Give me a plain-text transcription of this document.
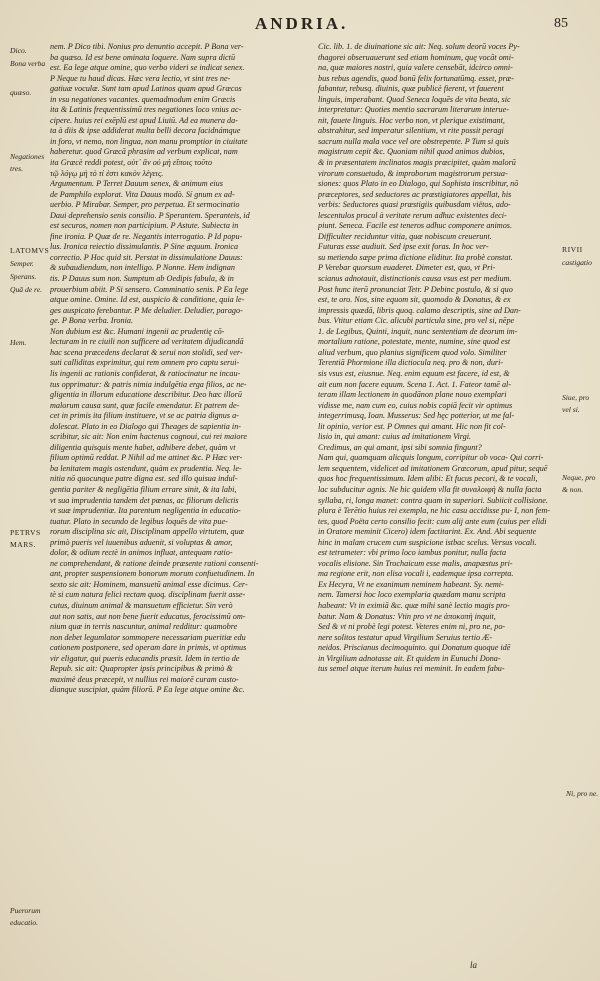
ANDRIA.	85
nem. P Dico tibi. Nonius pro denuntio accepit. P Bona ver-
ba quæso. Id est bene ominata loquere. Nam supra dictū
est. Ea lege atque omine, quo verbo videri se indicat senex.
P Neque tu haud dicas. Hæc vera lectio, vt sint tres ne-
gatiuæ voculæ. Sunt tam apud Latinos quam apud Græcos
in vsu negationes vacantes. quemadmodum enim Græcis
ita & Latinis frequentissimū tres negationes loco vnius ac-
cipere. huius rei exēplū est apud Liuiū. Ad ea munera da-
ta à diis & ipse addiderat multa belli decora facidnámque
in foro, vt nemo, non lingua, non manu promptior in ciuitate
haberetur. quod Græcā phrasim ad verbum explicat, nam
ita Græcè reddi potest, οὐτ᾽ ἂν οὐ μὴ εἴποις τοῦτο
τῷ λόγῳ μὴ τὸ τί ἐστι κακὸν λέγεις.
Argumentum. P Terret Dauum senex, & animum eius
de Pamphilo explorat. Vita Dauus modò. Sí gnum ex ad-
uerbio. P Mirabar. Semper, pro perpetua. Et sermocinatio
Daui deprehensio senis consilio. P Sperantem. Speranteis, id
est securos, nomen non participium. P Astute. Subiecta in
fine ironia. P Quæ de re. Negantis interrogatio. P Id popu-
lus. Ironica reiectio dissimulantis. P Sine æquum. Ironica
correctio. P Hoc quid sit. Perstat in dissimulatione Dauus:
& subaudiendum, non intelligo. P Nonne. Hem indignan
tis. P Dauus sum non. Sumptum ab Oedipis fabula, & in
prouerbium abiit. P Si sensero. Comminatio senis. P Ea lege
atque omine. Omine. Id est, auspicio & conditione, quia le-
ges auspicato ferebantur. P Me deludier. Deludier, parago-
ge. P Bona verba. Ironia.
Non dubium est &c. Humani ingenii ac prudentię cō-
lecturam in re ciuili non sufficere ad veritatem dijudicandā
hac scena præcedens declarat & serui non stolidi, sed ver-
suti calliditas exprimitur, qui rem omnem pro captu serui-
lis ingenii ac rationis confiderat, & ratiocinatur ne incau-
tus opprimatur: & patris nimia indulgētia erga filios, ac ne-
gligentia in illorum educatione describitur. Deo hæc illorū
malorum causa sunt, quæ facile emendatur. Et patrem de-
cet in primis ita filium instituere, vt se ac patria dignus a-
dolescat. Plato in eo Dialogo qui Theages de sapientia in-
scribitur, sic ait: Non enim hactenus cognoui, cui rei maiore
diligentia quisquis mente habet, adhibere debet, quàm vt
filium optimū reddat. P Nihil ad me attinet &c. P Hæc ver-
ba lenitatem magis ostendunt, quàm ex prudentia. Neq. le-
nitia nō quocunque patre digna est. sed illo quisua indul-
gentia pariter & negligētia filium errare sinit, & ita labi,
vt sua imprudentia tandem det pœnas, ac filiorum delictis
vt suæ imprudentiæ. Ita parentum negligentia in educatio-
tuatur. Plato in secundo de legibus loquēs de vita pue-
rorum disciplina sic ait, Disciplinam appello virtutem, quæ
primò pueris vel iuuenibus aduenit, si voluptas & amor,
dolor, & odium rectè in animos influat, antequam ratio-
ne comprehendant, & ratione deinde præsente rationi consenti-
ant, propter suspensionem bonorum morum confuetudinem. In
sexto sic ait: Hominem, mansuetū animal esse dicimus. Cer-
tè si cum natura felici rectam quoq. disciplinam fuerit asse-
cutus, diuinum animal & mansuetum efficietur. Sin verò
aut non satis, aut non bene fuerit educatus, ferocissimū om-
nium quæ in terris nascuntur, animal redditur: quamobre
non debet legumlator sommopere necessariam pueritiæ edu
cationem postponere, sed operam dare in primis, vt optimus
vir eligatur, qui pueris educandis præsit. Idem in tertio de
Repub. sic ait: Quapropter ipsis principibus & primò &
maximè deus præcepit, vt nullius rei maiorē curam custo-
dianque suscipiat, quàm filiorū. P Ea lege atque omine &c.
Cic. lib. 1. de diuinatione sic ait: Neq. solum deorū voces Py-
thagorei obseruauerunt sed etiam hominum, quę vocāt omi-
na, quæ maiores nostri, quia valere censebāt, idcirco omni-
bus rebus agendis, quod bonū felix fortunatūmq. esset, præ-
fabantur, rebusq. diuinis, quæ publicè fierent, vt fauerent
linguis, imperabant. Quod Seneca loquēs de vita beata, sic
interpretatur: Quoties mentio sacrarum literarum interue-
nit, fauete linguis. Hoc verbo non, vt plerique existimant,
abstrahitur, sed imperatur silentium, vt rite possit peragi
sacrum nulla mala voce vel ore obstrepente. P Tum si quis
magistrum cepit &c. Quoniam nihil quod animos dubios,
& in præsentatem inclinatos magis præcipitet, quàm malorū
virorum consuetudo, & improborum magistrorum persua-
siones: quos Plato in eo Dialogo, qui Sophista inscribitur, nō
præceptores, sed seductores ac præstigiatores appellat, his
verbis: Seductores quasi præstigiis quibusdam viëtos, ado-
lescentulos procul à veritate rerum adhuc existentes deci-
piunt. Seneca. Facile est teneros adhuc componere animos.
Difficulter reciduntur vitia, quæ nobiscum creuerunt.
Futuras esse audiuit. Sed ipse exit foras. In hoc ver-
su metiendo sæpe prima dictione eliditur. Ita probè constat.
P Verebar quorsum euaderet. Dimeter est, quo, vt Pri-
scianus adnotauit, distinctionis causa vsus est per medium.
Post hunc iterū pronunciat Tetr. P Debinc postulo, & si quo
est, te oro. Nos, sine equom sit, quomodo & Donatus, & ex
impressis quædā, libris quoq. calamo descriptis, sine ad Dan-
bus. Vtitur etiam Cic. alicubi particula sine, pro vel si, nēpe
1. de Legibus, Quinti, inquit, nunc sententiam de deorum im-
mortalium ratione, potestate, mente, numine, sine quod est
aliud verbum, quo planius significem quod volo. Similiter
Terentiā Phormione illa dictiocula neq. pro & non, duri-
sis vsus est, eiusnue. Neq. enim equum est facere, id est, &
ait eum non facere equum. Scena 1. Act. 1. Fateor tamē al-
teram illam lectionem in quodānon plane nouo exemplari
vidisse me, nam cum eo, cuius nobis copiā fecit vir optimus
integerrimusq, Ioan. Musserus: Sed hęc potterior, ut me fal-
lit opinio, verior est. P Omnes qui amant. Hic non fit col-
lisio in, qui amant: cuius ad imitationem Virgi.
Credimus, an qui amant, ipsi sibi somnia fingunt?
Nam qui, quamquam alicquis longum, corripitur ob voca- Qui corri-
lem sequentem, videlicet ad imitationem Græcorum, apud pitur, sequē
quos hoc frequentissimum. Idem alibi: Et fucus pecori, & te vocali,
lac subducitur agnis. Ne hic quidem vlla fit συναλοιφὴ & nulla facta
syllaba, ri, longa manet: contra quam in superiori. Subiicit collisione.
plura è Terētio huius rei exempla, ne hic casu accidisse pu- I, non fem-
tes, quod Poëta certo consilio fecit: cum alij ante eum (cuius per elidi
in Oratore meminit Cicero) idem factitarint. Ex. And. Abi sequente
hinc in malam crucem cum suspicione istbac scelus. Versus vocali.
est tetrameter: vbi primo loco iambus ponitur, nulla facta
vocalis elisione. Sin Trochaicum esse malis, anapæstus pri-
ma regione erit, non elisa vocali i, eademque ipsa correpta.
Ex Hecyra, Vt ne exanimum neminem habeant. Sy. nemi-
nem. Tamersi hoc loco exemplaria quædam manu scripta
habeant: Vt in eximiā &c. quæ mihi sanè lectio magis pro-
batur. Nam & Donatus: Vtin pro vt ne ἀποκοπὴ inquit,
Sed & vt ni probè legi potest. Veteres enim ni, pro ne, po-
nere solitos testatur apud Virgilium Seruius tertio Æ-
neidos. Priscianus decimoquinto. qui Donatum quoque idē
in Virgilium adnotasse ait. Et quidem in Eunuchi Dona-
tus semel atque iterum huius rei meminit. In eadem fabu-
Dico.
Bona verba
quæso.
Negationes
tres.
LATOMVS
Semper.
Sperans.
Quā de re.
Hem.
PETRVS
MARS.
Puerorum
educatio.
RIVII
castigatio
Siue, pro
vel si.
Neque, pro
& non.
Ni, pro ne.
la
